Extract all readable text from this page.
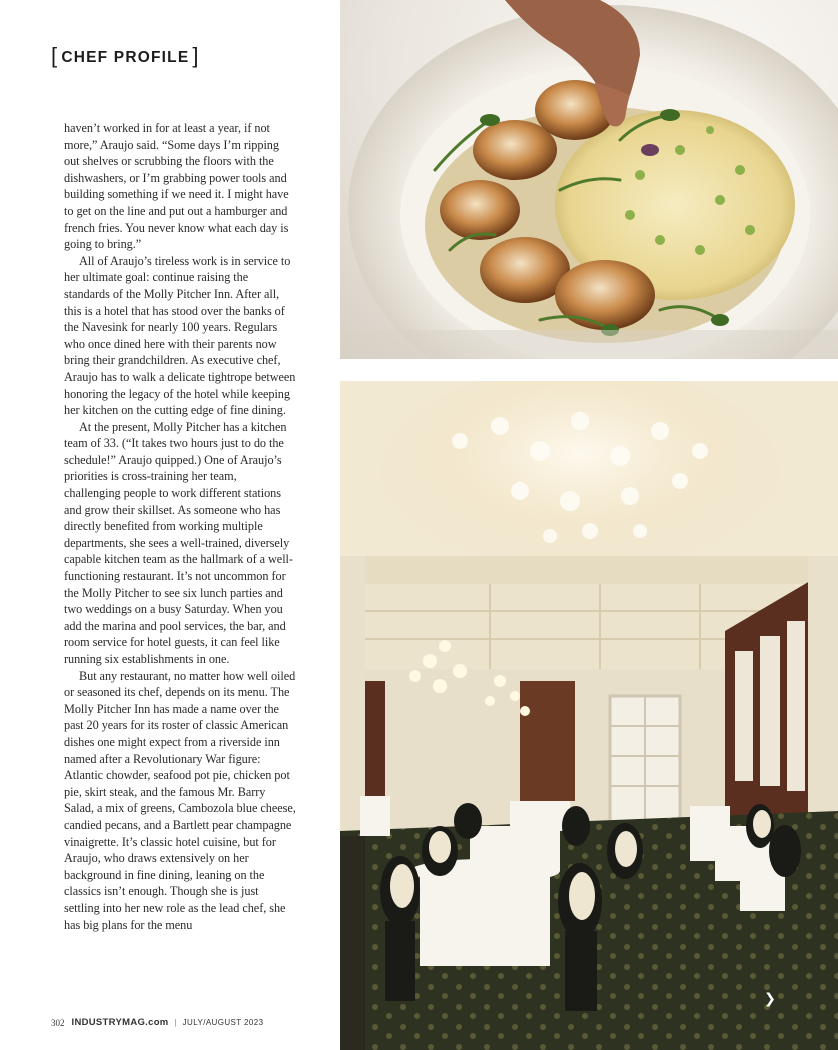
[ CHEF PROFILE ]

haven’t worked in for at least a year, if not more,” Araujo said. “Some days I’m ripping out shelves or scrubbing the floors with the dishwashers, or I’m grabbing power tools and building something if we need it. I might have to get on the line and put out a hamburger and french fries. You never know what each day is going to bring.”

All of Araujo’s tireless work is in service to her ultimate goal: continue raising the standards of the Molly Pitcher Inn. After all, this is a hotel that has stood over the banks of the Navesink for nearly 100 years. Regulars who once dined here with their parents now bring their grandchildren. As executive chef, Araujo has to walk a delicate tightrope between honoring the legacy of the hotel while keeping her kitchen on the cutting edge of fine dining.

At the present, Molly Pitcher has a kitchen team of 33. (“It takes two hours just to do the schedule!” Araujo quipped.) One of Araujo’s priorities is cross-training her team, challenging people to work different stations and grow their skillset. As someone who has directly benefited from working multiple departments, she sees a well-trained, diversely capable kitchen team as the hallmark of a well-functioning restaurant. It’s not uncommon for the Molly Pitcher to see six lunch parties and two weddings on a busy Saturday. When you add the marina and pool services, the bar, and room service for hotel guests, it can feel like running six establishments in one.

But any restaurant, no matter how well oiled or seasoned its chef, depends on its menu. The Molly Pitcher Inn has made a name over the past 20 years for its roster of classic American dishes one might expect from a riverside inn named after a Revolutionary War figure: Atlantic chowder, seafood pot pie, chicken pot pie, skirt steak, and the famous Mr. Barry Salad, a mix of greens, Cambozola blue cheese, candied pecans, and a Bartlett pear champagne vinaigrette. It’s classic hotel cuisine, but for Araujo, who draws extensively on her background in fine dining, leaning on the classics isn’t enough. Though she is just settling into her new role as the lead chef, she has big plans for the menu

302 INDUSTRYMAG.com | JULY/AUGUST 2023
❯
